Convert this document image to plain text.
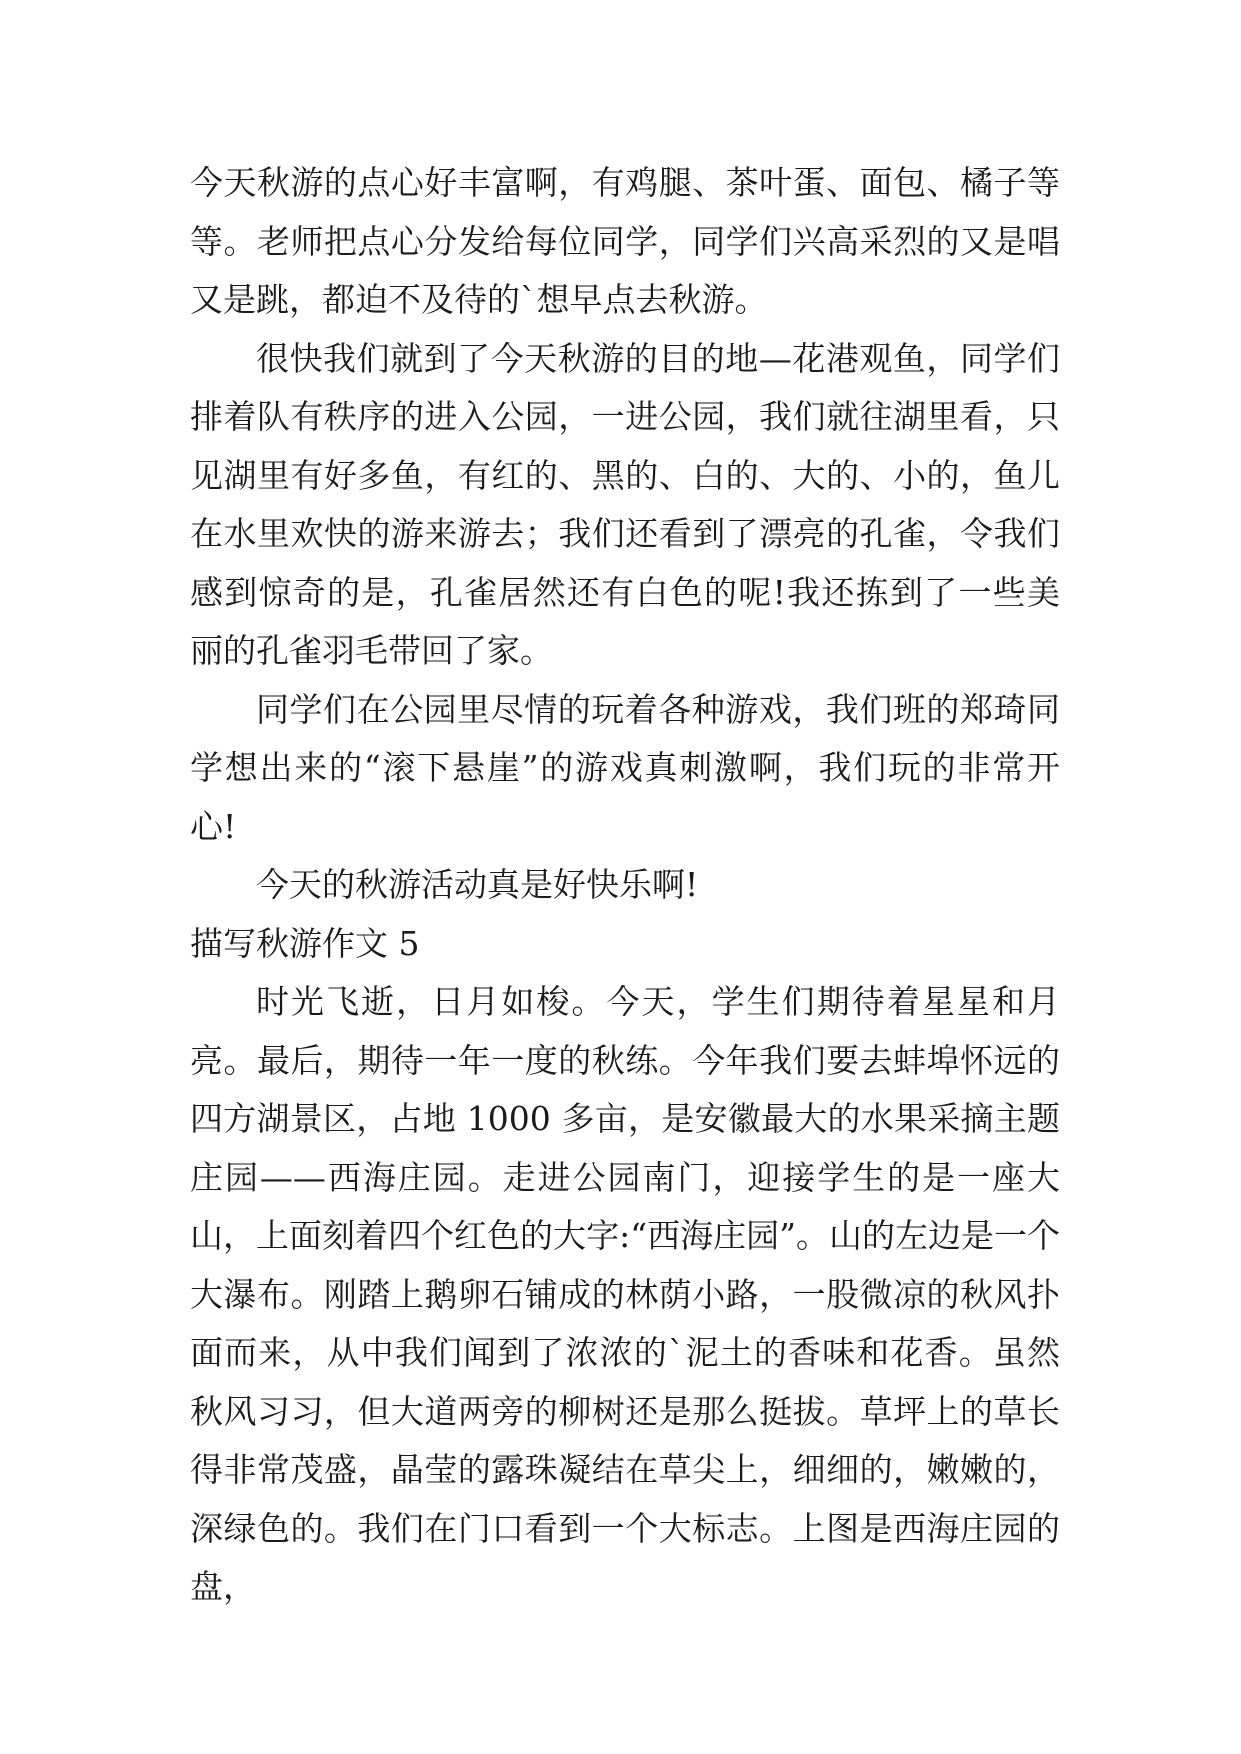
今天秋游的点心好丰富啊，有鸡腿、茶叶蛋、面包、橘子等等。老师把点心分发给每位同学，同学们兴高采烈的又是唱又是跳，都迫不及待的`想早点去秋游。

很快我们就到了今天秋游的目的地—花港观鱼，同学们排着队有秩序的进入公园，一进公园，我们就往湖里看，只见湖里有好多鱼，有红的、黑的、白的、大的、小的，鱼儿在水里欢快的游来游去；我们还看到了漂亮的孔雀，令我们感到惊奇的是，孔雀居然还有白色的呢!我还拣到了一些美丽的孔雀羽毛带回了家。

同学们在公园里尽情的玩着各种游戏，我们班的郑琦同学想出来的“滚下悬崖”的游戏真刺激啊，我们玩的非常开心!

今天的秋游活动真是好快乐啊!

描写秋游作文 5

时光飞逝，日月如梭。今天，学生们期待着星星和月亮。最后，期待一年一度的秋练。今年我们要去蚌埠怀远的四方湖景区，占地 1000 多亩，是安徽最大的水果采摘主题庄园——西海庄园。走进公园南门，迎接学生的是一座大山，上面刻着四个红色的大字:“西海庄园”。山的左边是一个大瀑布。刚踏上鹅卵石铺成的林荫小路，一股微凉的秋风扑面而来，从中我们闻到了浓浓的`泥土的香味和花香。虽然秋风习习，但大道两旁的柳树还是那么挺拔。草坪上的草长得非常茂盛，晶莹的露珠凝结在草尖上，细细的，嫩嫩的，深绿色的。我们在门口看到一个大标志。上图是西海庄园的盘，
